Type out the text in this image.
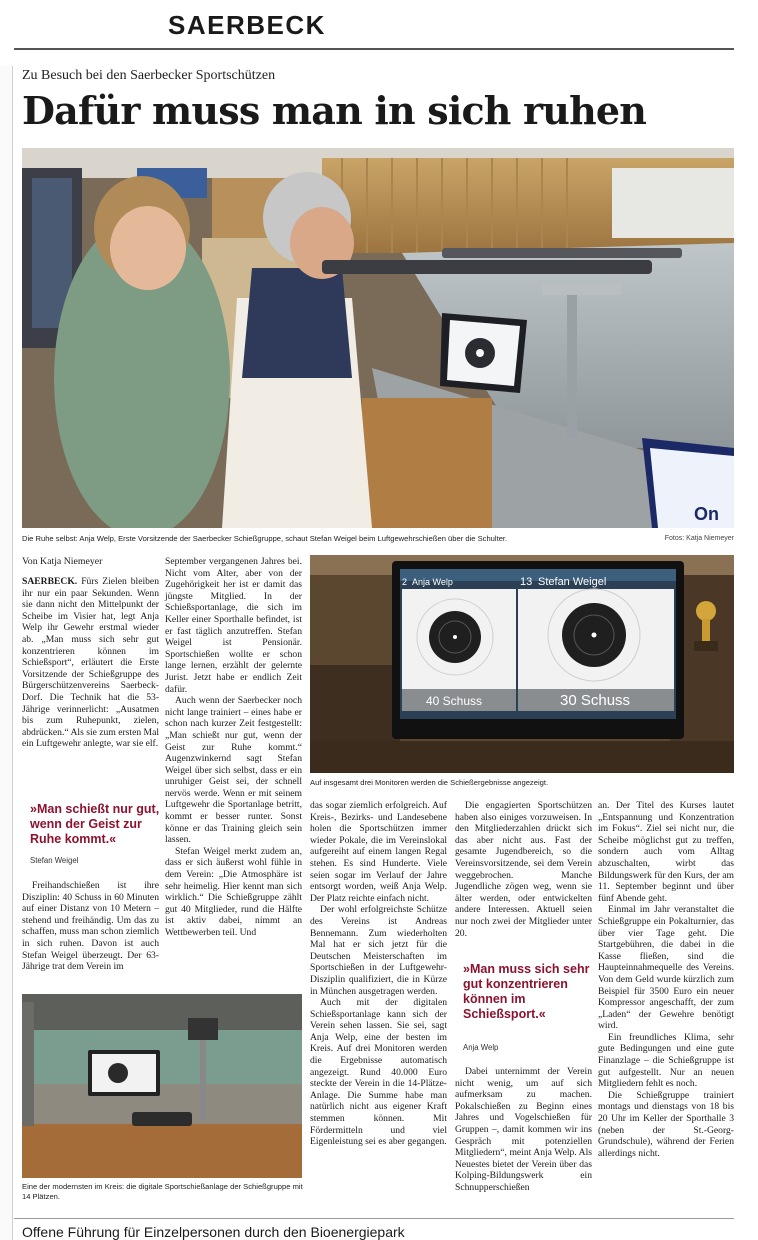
SAERBECK
Zu Besuch bei den Saerbecker Sportschützen
Dafür muss man in sich ruhen
On
Die Ruhe selbst: Anja Welp, Erste Vorsitzende der Saerbecker Schießgruppe, schaut Stefan Weigel beim Luftgewehrschießen über die Schulter.	Fotos: Katja Niemeyer
2 Anja Welp	13 Stefan Weigel
40 Schuss	30 Schuss
Auf insgesamt drei Monitoren werden die Schießergebnisse angezeigt.
Eine der modernsten im Kreis: die digitale Sportschießanlage der Schießgruppe mit 14 Plätzen.
Von Katja Niemeyer

SAERBECK. Fürs Zielen bleiben ihr nur ein paar Sekunden. Wenn sie dann nicht den Mittelpunkt der Scheibe im Visier hat, legt Anja Welp ihr Gewehr erstmal wieder ab. „Man muss sich sehr gut konzentrieren können im Schießsport“, erläutert die Erste Vorsitzende der Schießgruppe des Bürgerschützenvereins Saerbeck-Dorf. Die Technik hat die 53-Jährige verinnerlicht: „Ausatmen bis zum Ruhepunkt, zielen, abdrücken.“ Als sie zum ersten Mal ein Luftgewehr anlegte, war sie elf.

»Man schießt nur gut, wenn der Geist zur Ruhe kommt.«
Stefan Weigel

Freihandschießen ist ihre Disziplin: 40 Schuss in 60 Minuten auf einer Distanz von 10 Metern – stehend und freihändig. Um das zu schaffen, muss man schon ziemlich in sich ruhen. Davon ist auch Stefan Weigel überzeugt. Der 63-Jährige trat dem Verein im

September vergangenen Jahres bei. Nicht vom Alter, aber von der Zugehörigkeit her ist er damit das jüngste Mitglied. In der Schießsportanlage, die sich im Keller einer Sporthalle befindet, ist er fast täglich anzutreffen. Stefan Weigel ist Pensionär. Sportschießen wollte er schon lange lernen, erzählt der gelernte Jurist. Jetzt habe er endlich Zeit dafür.

Auch wenn der Saerbecker noch nicht lange trainiert – eines habe er schon nach kurzer Zeit festgestellt: „Man schießt nur gut, wenn der Geist zur Ruhe kommt.“ Augenzwinkernd sagt Stefan Weigel über sich selbst, dass er ein unruhiger Geist sei, der schnell nervös werde. Wenn er mit seinem Luftgewehr die Sportanlage betritt, kommt er besser runter. Sonst könne er das Training gleich sein lassen.

Stefan Weigel merkt zudem an, dass er sich äußerst wohl fühle in dem Verein: „Die Atmosphäre ist sehr heimelig. Hier kennt man sich wirklich.“ Die Schießgruppe zählt gut 40 Mitglieder, rund die Hälfte ist aktiv dabei, nimmt an Wettbewerben teil. Und

das sogar ziemlich erfolgreich. Auf Kreis-, Bezirks- und Landesebene holen die Sportschützen immer wieder Pokale, die im Vereinslokal aufgereiht auf einem langen Regal stehen. Es sind Hunderte. Viele seien sogar im Verlauf der Jahre entsorgt worden, weiß Anja Welp. Der Platz reichte einfach nicht.

Der wohl erfolgreichste Schütze des Vereins ist Andreas Bennemann. Zum wiederholten Mal hat er sich jetzt für die Deutschen Meisterschaften im Sportschießen in der Luftgewehr-Disziplin qualifiziert, die in Kürze in München ausgetragen werden.

Auch mit der digitalen Schießsportanlage kann sich der Verein sehen lassen. Sie sei, sagt Anja Welp, eine der besten im Kreis. Auf drei Monitoren werden die Ergebnisse automatisch angezeigt. Rund 40.000 Euro steckte der Verein in die 14-Plätze-Anlage. Die Summe habe man natürlich nicht aus eigener Kraft stemmen können. Mit Fördermitteln und viel Eigenleistung sei es aber gegangen.

Die engagierten Sportschützen haben also einiges vorzuweisen. In den Mitgliederzahlen drückt sich das aber nicht aus. Fast der gesamte Jugendbereich, so die Vereinsvorsitzende, sei dem Verein weggebrochen. Manche Jugendliche zögen weg, wenn sie älter werden, oder entwickelten andere Interessen. Aktuell seien nur noch zwei der Mitglieder unter 20.

»Man muss sich sehr gut konzentrieren können im Schießsport.«
Anja Welp

Dabei unternimmt der Verein nicht wenig, um auf sich aufmerksam zu machen. Pokalschießen zu Beginn eines Jahres und Vogelschießen für Gruppen –, damit kommen wir ins Gespräch mit potenziellen Mitgliedern“, meint Anja Welp. Als Neuestes bietet der Verein über das Kolping-Bildungswerk ein Schnupperschießen

an. Der Titel des Kurses lautet „Entspannung und Konzentration im Fokus“. Ziel sei nicht nur, die Scheibe möglichst gut zu treffen, sondern auch vom Alltag abzuschalten, wirbt das Bildungswerk für den Kurs, der am 11. September beginnt und über fünf Abende geht.

Einmal im Jahr veranstaltet die Schießgruppe ein Pokalturnier, das über vier Tage geht. Die Startgebühren, die dabei in die Kasse fließen, sind die Haupteinnahmequelle des Vereins. Von dem Geld wurde kürzlich zum Beispiel für 3500 Euro ein neuer Kompressor angeschafft, der zum „Laden“ der Gewehre benötigt wird.

Ein freundliches Klima, sehr gute Bedingungen und eine gute Finanzlage – die Schießgruppe ist gut aufgestellt. Nur an neuen Mitgliedern fehlt es noch.

Die Schießgruppe trainiert montags und dienstags von 18 bis 20 Uhr im Keller der Sporthalle 3 (neben der St.-Georg-Grundschule), während der Ferien allerdings nicht.

Offene Führung für Einzelpersonen durch den Bioenergiepark
